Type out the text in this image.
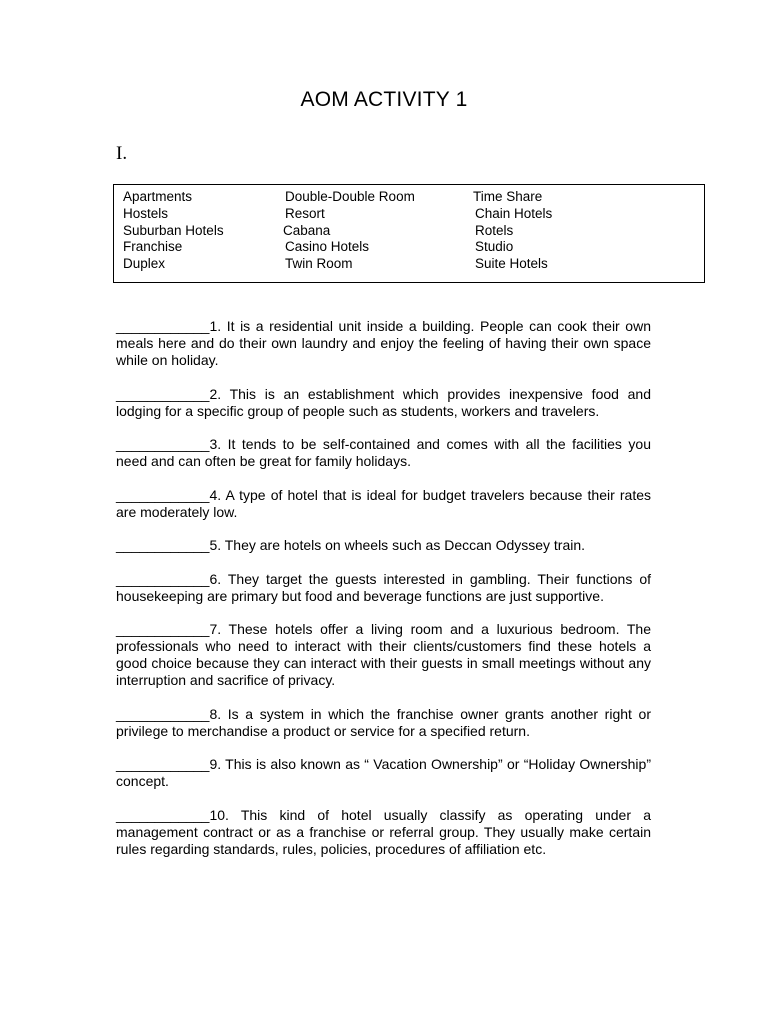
AOM ACTIVITY 1
I.
Apartments
Hostels
Suburban Hotels
Franchise
Duplex
Double-Double Room
Resort
Cabana
Casino Hotels
Twin Room
Time Share
Chain Hotels
Rotels
Studio
Suite Hotels

____________1. It is a residential unit inside a building. People can cook their own meals here and do their own laundry and enjoy the feeling of having their own space while on holiday.

____________2. This is an establishment which provides inexpensive food and lodging for a specific group of people such as students, workers and travelers.

____________3. It tends to be self-contained and comes with all the facilities you need and can often be great for family holidays.

____________4. A type of hotel that is ideal for budget travelers because their rates are moderately low.

____________5. They are hotels on wheels such as Deccan Odyssey train.

____________6. They target the guests interested in gambling. Their functions of housekeeping are primary but food and beverage functions are just supportive.

____________7. These hotels offer a living room and a luxurious bedroom. The professionals who need to interact with their clients/customers find these hotels a good choice because they can interact with their guests in small meetings without any interruption and sacrifice of privacy.

____________8. Is a system in which the franchise owner grants another right or privilege to merchandise a product or service for a specified return.

____________9. This is also known as “ Vacation Ownership” or “Holiday Ownership” concept.

____________10. This kind of hotel usually classify as operating under a management contract or as a franchise or referral group. They usually make certain rules regarding standards, rules, policies, procedures of affiliation etc.
